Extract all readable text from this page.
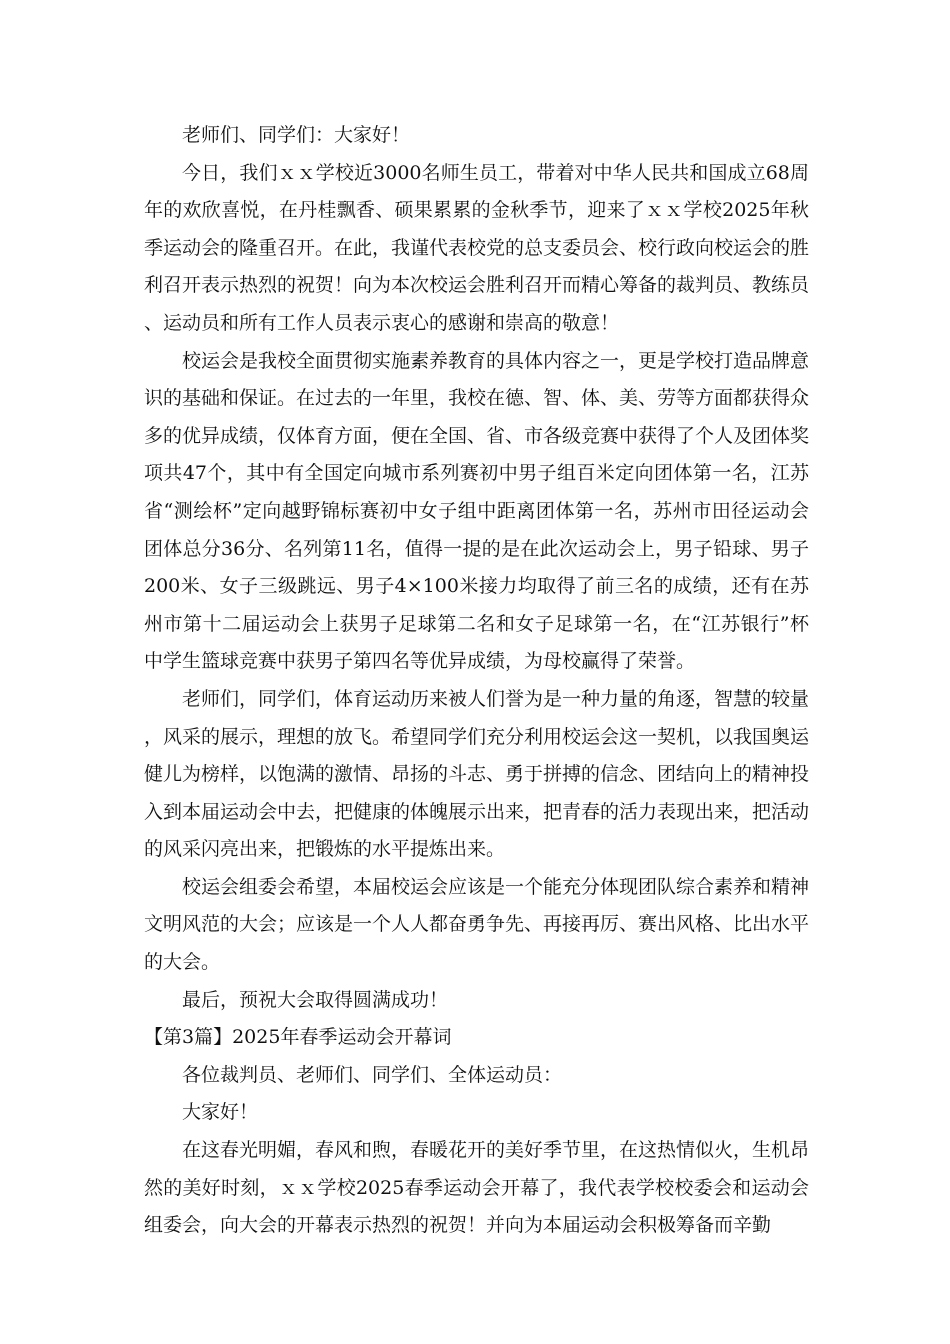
老师们、同学们：大家好！

今日，我们ｘｘ学校近3000名师生员工，带着对中华人民共和国成立68周年的欢欣喜悦，在丹桂飘香、硕果累累的金秋季节，迎来了ｘｘ学校2025年秋季运动会的隆重召开。在此，我谨代表校党的总支委员会、校行政向校运会的胜利召开表示热烈的祝贺！向为本次校运会胜利召开而精心筹备的裁判员、教练员、运动员和所有工作人员表示衷心的感谢和崇高的敬意！

校运会是我校全面贯彻实施素养教育的具体内容之一，更是学校打造品牌意识的基础和保证。在过去的一年里，我校在德、智、体、美、劳等方面都获得众多的优异成绩，仅体育方面，便在全国、省、市各级竞赛中获得了个人及团体奖项共47个，其中有全国定向城市系列赛初中男子组百米定向团体第一名，江苏省“测绘杯”定向越野锦标赛初中女子组中距离团体第一名，苏州市田径运动会团体总分36分、名列第11名，值得一提的是在此次运动会上，男子铅球、男子200米、女子三级跳远、男子4×100米接力均取得了前三名的成绩，还有在苏州市第十二届运动会上获男子足球第二名和女子足球第一名，在“江苏银行”杯中学生篮球竞赛中获男子第四名等优异成绩，为母校赢得了荣誉。

老师们，同学们，体育运动历来被人们誉为是一种力量的角逐，智慧的较量，风采的展示，理想的放飞。希望同学们充分利用校运会这一契机，以我国奥运健儿为榜样，以饱满的激情、昂扬的斗志、勇于拼搏的信念、团结向上的精神投入到本届运动会中去，把健康的体魄展示出来，把青春的活力表现出来，把活动的风采闪亮出来，把锻炼的水平提炼出来。

校运会组委会希望，本届校运会应该是一个能充分体现团队综合素养和精神文明风范的大会；应该是一个人人都奋勇争先、再接再厉、赛出风格、比出水平的大会。

最后，预祝大会取得圆满成功！

【第3篇】2025年春季运动会开幕词

各位裁判员、老师们、同学们、全体运动员：

大家好！

在这春光明媚，春风和煦，春暖花开的美好季节里，在这热情似火，生机昂然的美好时刻，ｘｘ学校2025春季运动会开幕了，我代表学校校委会和运动会组委会，向大会的开幕表示热烈的祝贺！并向为本届运动会积极筹备而辛勤
